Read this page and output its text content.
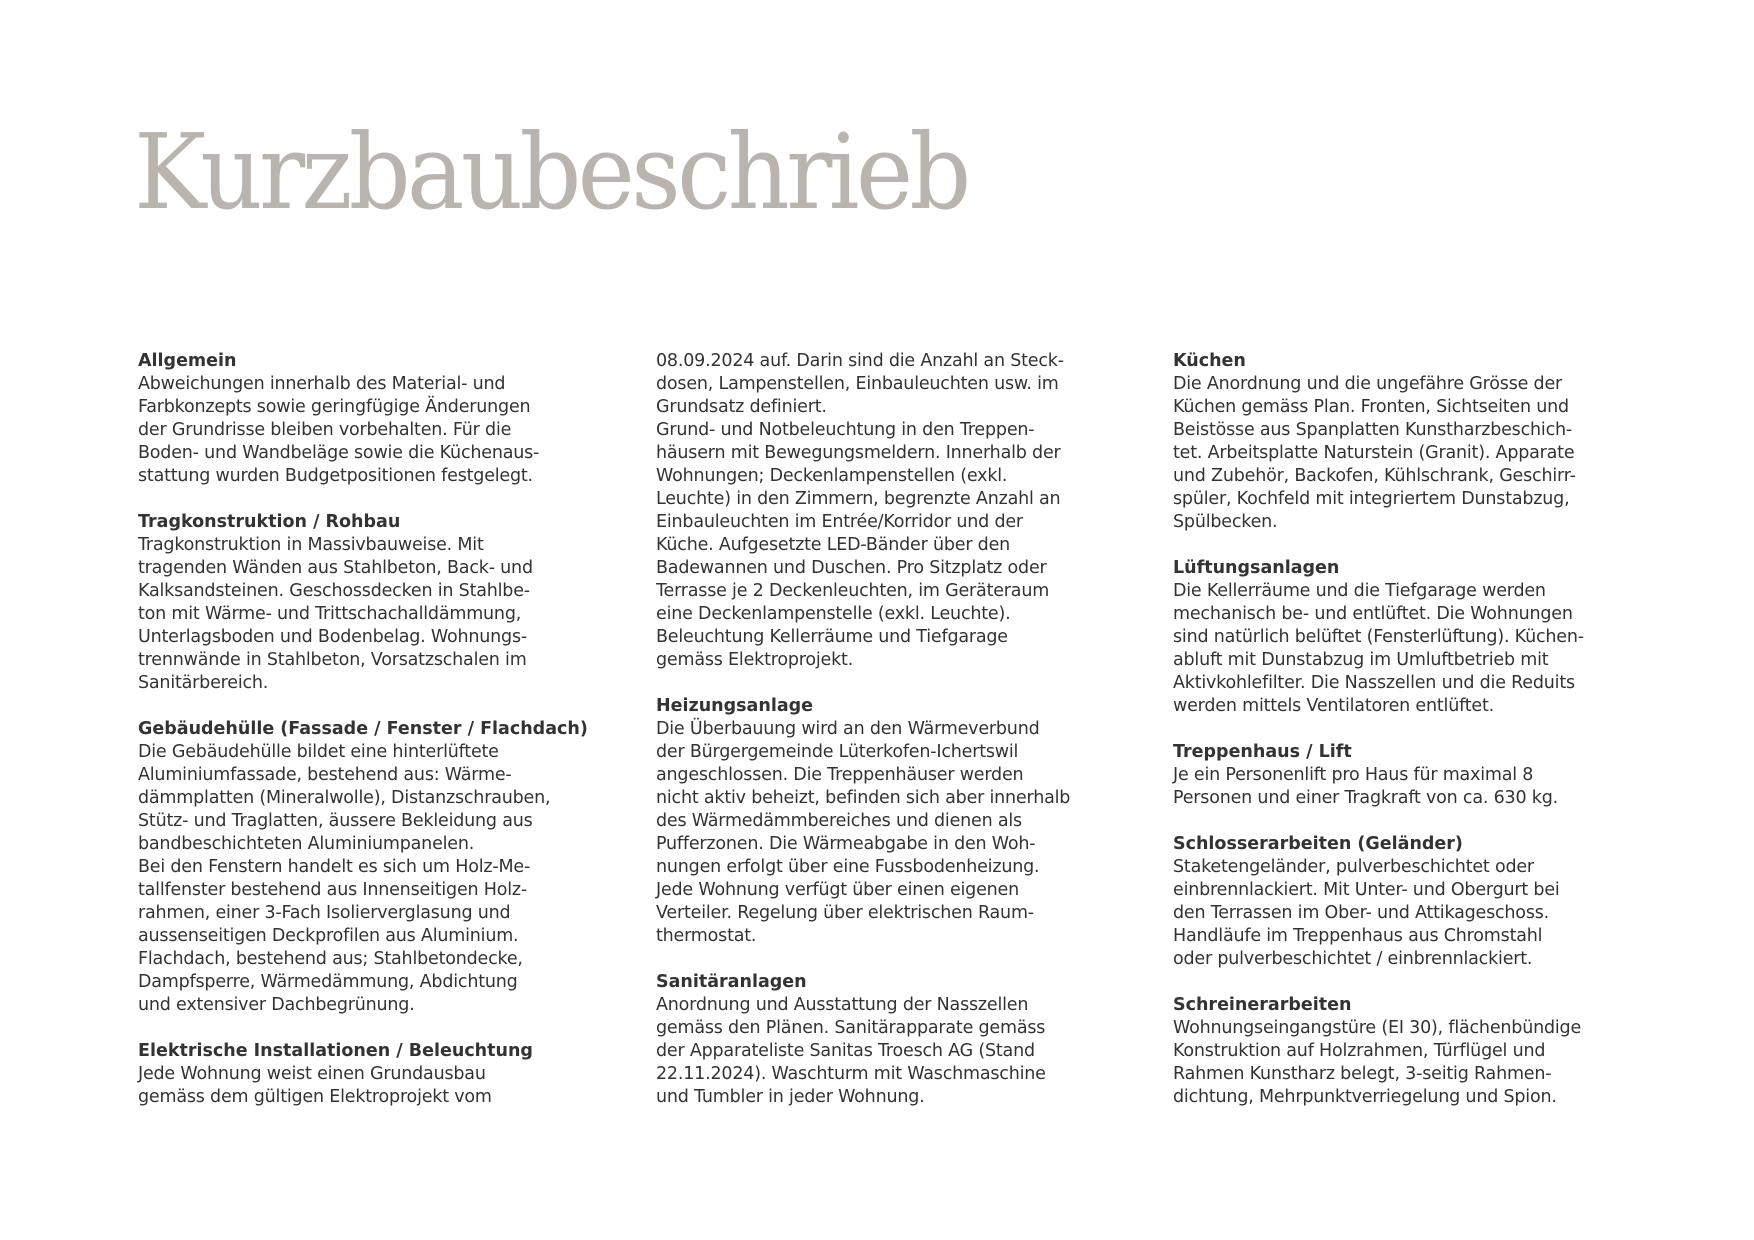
Kurzbaubeschrieb
Allgemein
Abweichungen innerhalb des Material- und
Farbkonzepts sowie geringfügige Änderungen
der Grundrisse bleiben vorbehalten. Für die
Boden- und Wandbeläge sowie die Küchenaus-
stattung wurden Budgetpositionen festgelegt.
Tragkonstruktion / Rohbau
Tragkonstruktion in Massivbauweise. Mit
tragenden Wänden aus Stahlbeton, Back- und
Kalksandsteinen. Geschossdecken in Stahlbe-
ton mit Wärme- und Trittschachalldämmung,
Unterlagsboden und Bodenbelag. Wohnungs-
trennwände in Stahlbeton, Vorsatzschalen im
Sanitärbereich.
Gebäudehülle (Fassade / Fenster / Flachdach)
Die Gebäudehülle bildet eine hinterlüftete
Aluminiumfassade, bestehend aus: Wärme-
dämmplatten (Mineralwolle), Distanzschrauben,
Stütz- und Traglatten, äussere Bekleidung aus
bandbeschichteten Aluminiumpanelen.
Bei den Fenstern handelt es sich um Holz-Me-
tallfenster bestehend aus Innenseitigen Holz-
rahmen, einer 3-Fach Isolierverglasung und
aussenseitigen Deckprofilen aus Aluminium.
Flachdach, bestehend aus; Stahlbetondecke,
Dampfsperre, Wärmedämmung, Abdichtung
und extensiver Dachbegrünung.
Elektrische Installationen / Beleuchtung
Jede Wohnung weist einen Grundausbau
gemäss dem gültigen Elektroprojekt vom
08.09.2024 auf. Darin sind die Anzahl an Steck-
dosen, Lampenstellen, Einbauleuchten usw. im
Grundsatz definiert.
Grund- und Notbeleuchtung in den Treppen-
häusern mit Bewegungsmeldern. Innerhalb der
Wohnungen; Deckenlampenstellen (exkl.
Leuchte) in den Zimmern, begrenzte Anzahl an
Einbauleuchten im Entrée/Korridor und der
Küche. Aufgesetzte LED-Bänder über den
Badewannen und Duschen. Pro Sitzplatz oder
Terrasse je 2 Deckenleuchten, im Geräteraum
eine Deckenlampenstelle (exkl. Leuchte).
Beleuchtung Kellerräume und Tiefgarage
gemäss Elektroprojekt.
Heizungsanlage
Die Überbauung wird an den Wärmeverbund
der Bürgergemeinde Lüterkofen-Ichertswil
angeschlossen. Die Treppenhäuser werden
nicht aktiv beheizt, befinden sich aber innerhalb
des Wärmedämmbereiches und dienen als
Pufferzonen. Die Wärmeabgabe in den Woh-
nungen erfolgt über eine Fussbodenheizung.
Jede Wohnung verfügt über einen eigenen
Verteiler. Regelung über elektrischen Raum-
thermostat.
Sanitäranlagen
Anordnung und Ausstattung der Nasszellen
gemäss den Plänen. Sanitärapparate gemäss
der Apparateliste Sanitas Troesch AG (Stand
22.11.2024). Waschturm mit Waschmaschine
und Tumbler in jeder Wohnung.
Küchen
Die Anordnung und die ungefähre Grösse der
Küchen gemäss Plan. Fronten, Sichtseiten und
Beistösse aus Spanplatten Kunstharzbeschich-
tet. Arbeitsplatte Naturstein (Granit). Apparate
und Zubehör, Backofen, Kühlschrank, Geschirr-
spüler, Kochfeld mit integriertem Dunstabzug,
Spülbecken.
Lüftungsanlagen
Die Kellerräume und die Tiefgarage werden
mechanisch be- und entlüftet. Die Wohnungen
sind natürlich belüftet (Fensterlüftung). Küchen-
abluft mit Dunstabzug im Umluftbetrieb mit
Aktivkohlefilter. Die Nasszellen und die Reduits
werden mittels Ventilatoren entlüftet.
Treppenhaus / Lift
Je ein Personenlift pro Haus für maximal 8
Personen und einer Tragkraft von ca. 630 kg.
Schlosserarbeiten (Geländer)
Staketengeländer, pulverbeschichtet oder
einbrennlackiert. Mit Unter- und Obergurt bei
den Terrassen im Ober- und Attikageschoss.
Handläufe im Treppenhaus aus Chromstahl
oder pulverbeschichtet / einbrennlackiert.
Schreinerarbeiten
Wohnungseingangstüre (EI 30), flächenbündige
Konstruktion auf Holzrahmen, Türflügel und
Rahmen Kunstharz belegt, 3-seitig Rahmen-
dichtung, Mehrpunktverriegelung und Spion.
